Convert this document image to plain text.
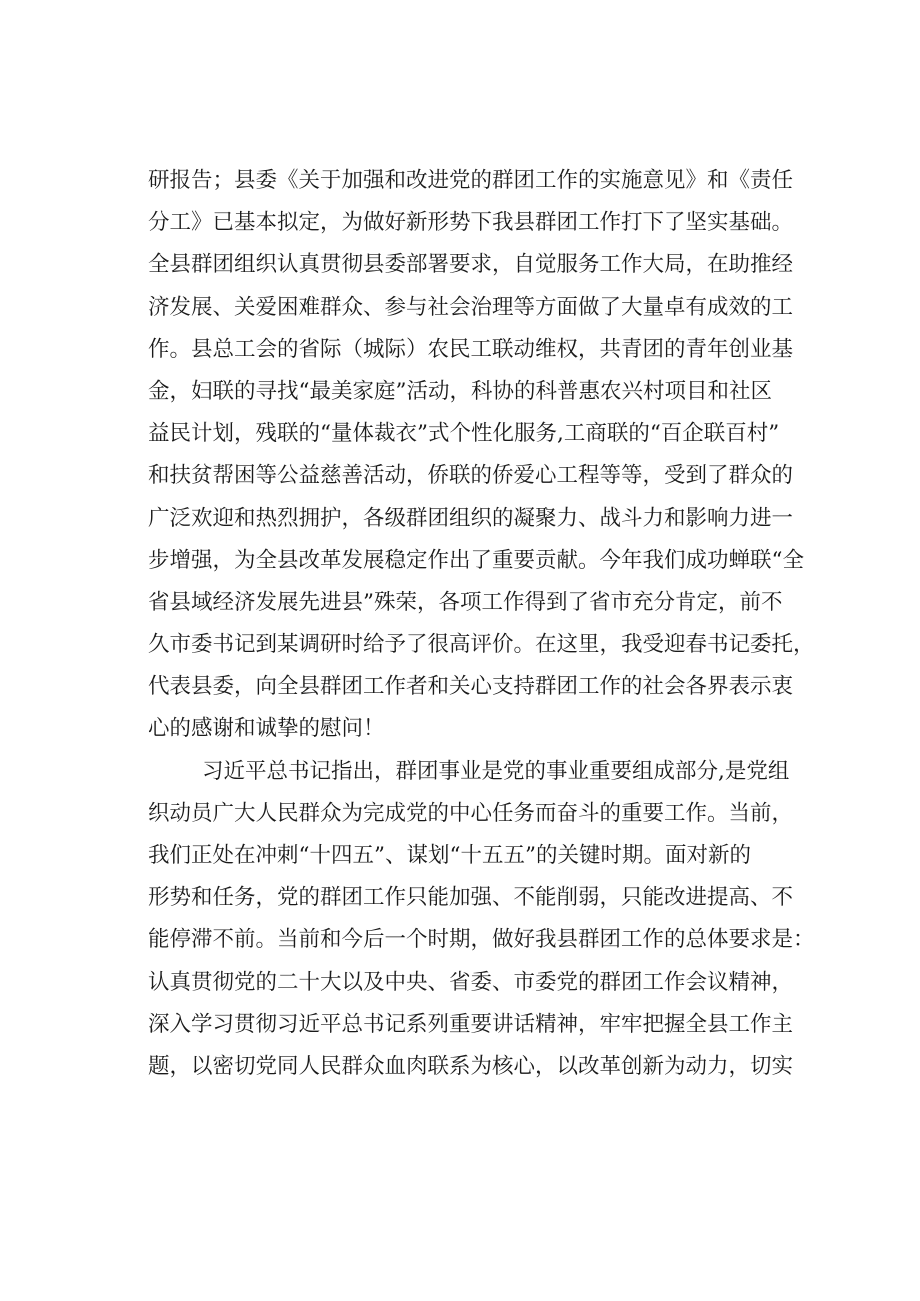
研报告；县委《关于加强和改进党的群团工作的实施意见》和《责任
分工》已基本拟定，为做好新形势下我县群团工作打下了坚实基础。
全县群团组织认真贯彻县委部署要求，自觉服务工作大局，在助推经
济发展、关爱困难群众、参与社会治理等方面做了大量卓有成效的工
作。县总工会的省际（城际）农民工联动维权，共青团的青年创业基
金，妇联的寻找“最美家庭”活动，科协的科普惠农兴村项目和社区
益民计划，残联的“量体裁衣”式个性化服务,工商联的“百企联百村”
和扶贫帮困等公益慈善活动，侨联的侨爱心工程等等，受到了群众的
广泛欢迎和热烈拥护，各级群团组织的凝聚力、战斗力和影响力进一
步增强，为全县改革发展稳定作出了重要贡献。今年我们成功蝉联“全
省县域经济发展先进县”殊荣，各项工作得到了省市充分肯定，前不
久市委书记到某调研时给予了很高评价。在这里，我受迎春书记委托，
代表县委，向全县群团工作者和关心支持群团工作的社会各界表示衷
心的感谢和诚挚的慰问！
习近平总书记指出，群团事业是党的事业重要组成部分,是党组
织动员广大人民群众为完成党的中心任务而奋斗的重要工作。当前，
我们正处在冲刺“十四五”、谋划“十五五”的关键时期。面对新的
形势和任务，党的群团工作只能加强、不能削弱，只能改进提高、不
能停滞不前。当前和今后一个时期，做好我县群团工作的总体要求是：
认真贯彻党的二十大以及中央、省委、市委党的群团工作会议精神，
深入学习贯彻习近平总书记系列重要讲话精神，牢牢把握全县工作主
题，以密切党同人民群众血肉联系为核心，以改革创新为动力，切实
